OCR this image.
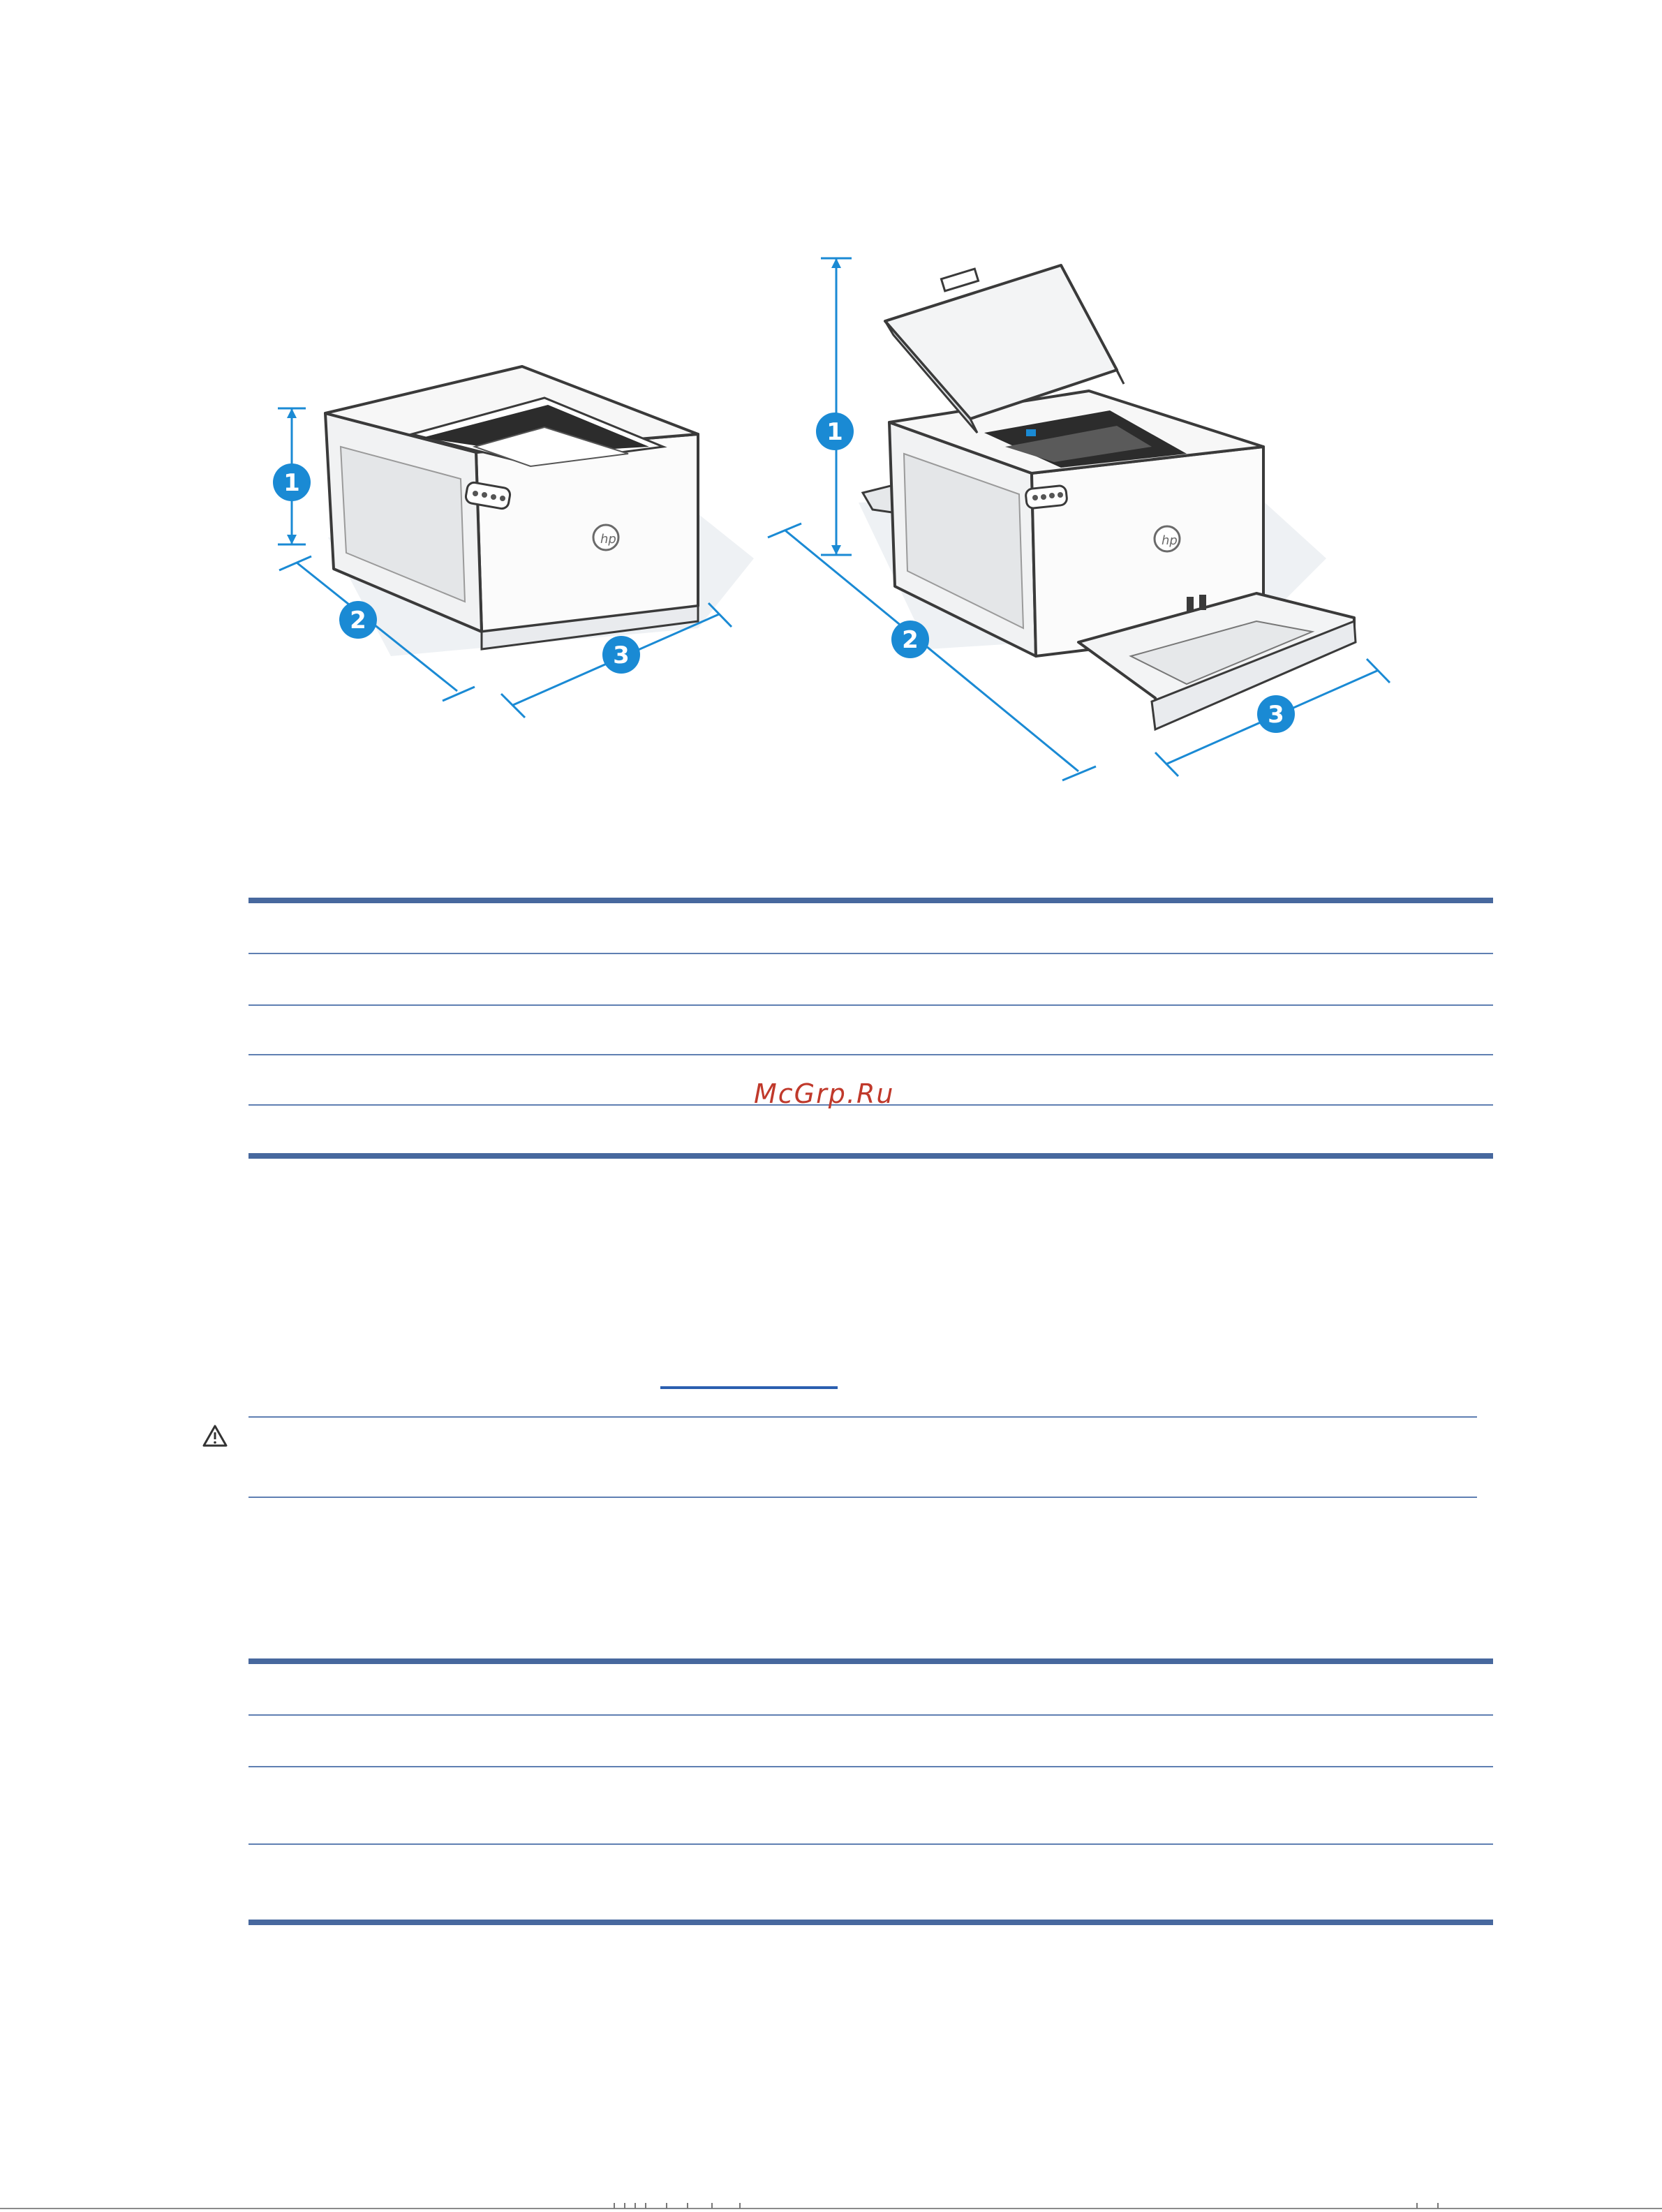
hp
1
2
3
hp
1
2
3
McGrp.Ru
